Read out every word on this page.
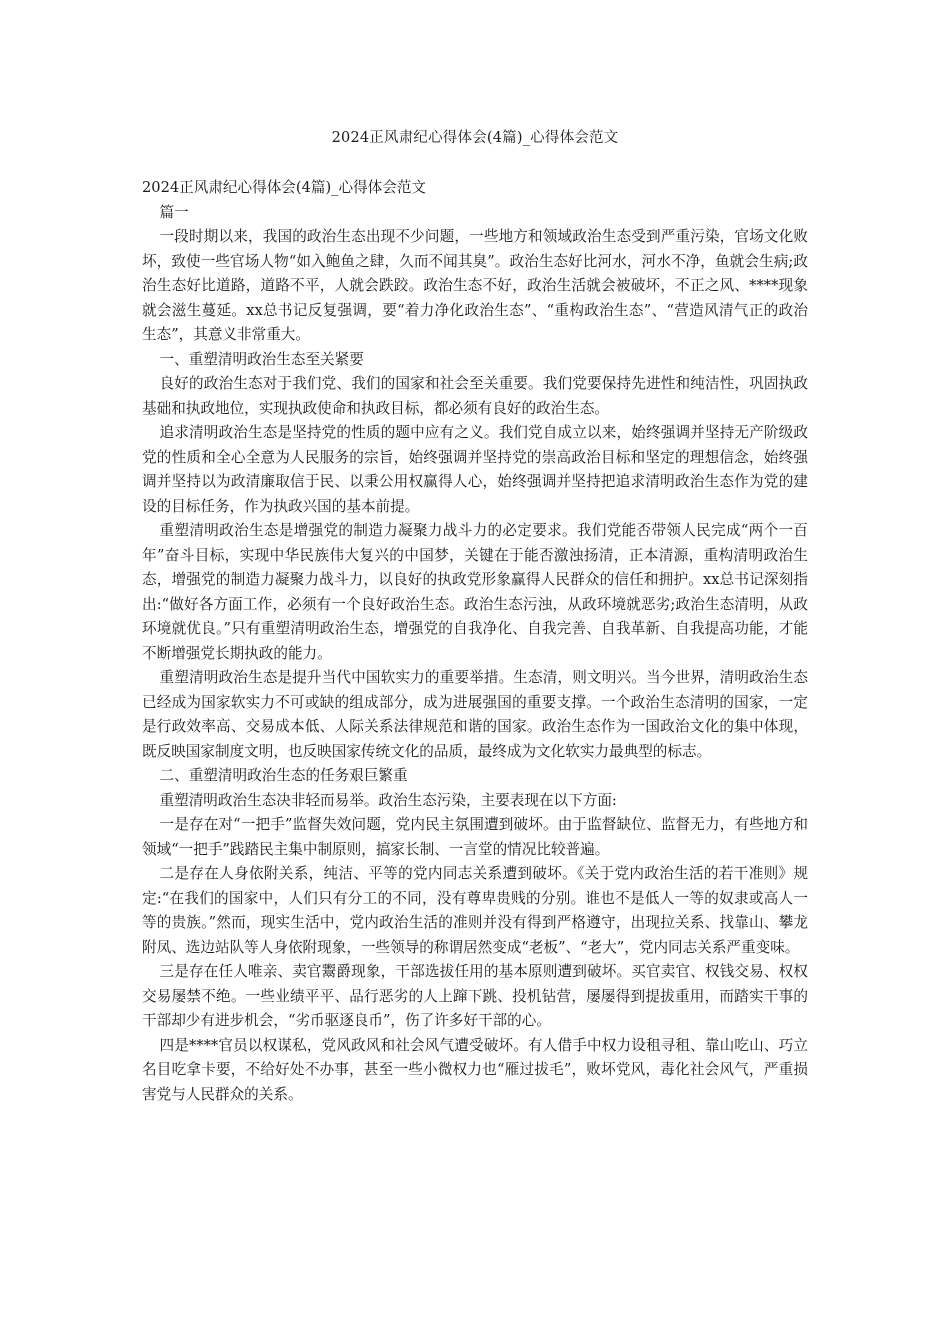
2024正风肃纪心得体会(4篇)_心得体会范文

2024正风肃纪心得体会(4篇)_心得体会范文

篇一

一段时期以来，我国的政治生态出现不少问题，一些地方和领域政治生态受到严重污染，官场文化败坏，致使一些官场人物“如入鲍鱼之肆，久而不闻其臭”。政治生态好比河水，河水不净，鱼就会生病;政治生态好比道路，道路不平，人就会跌跤。政治生态不好，政治生活就会被破坏，不正之风、****现象就会滋生蔓延。xx总书记反复强调，要“着力净化政治生态”、“重构政治生态”、“营造风清气正的政治生态”，其意义非常重大。

一、重塑清明政治生态至关紧要

良好的政治生态对于我们党、我们的国家和社会至关重要。我们党要保持先进性和纯洁性，巩固执政基础和执政地位，实现执政使命和执政目标，都必须有良好的政治生态。

追求清明政治生态是坚持党的性质的题中应有之义。我们党自成立以来，始终强调并坚持无产阶级政党的性质和全心全意为人民服务的宗旨，始终强调并坚持党的崇高政治目标和坚定的理想信念，始终强调并坚持以为政清廉取信于民、以秉公用权赢得人心，始终强调并坚持把追求清明政治生态作为党的建设的目标任务，作为执政兴国的基本前提。

重塑清明政治生态是增强党的制造力凝聚力战斗力的必定要求。我们党能否带领人民完成“两个一百年”奋斗目标，实现中华民族伟大复兴的中国梦，关键在于能否激浊扬清，正本清源，重构清明政治生态，增强党的制造力凝聚力战斗力，以良好的执政党形象赢得人民群众的信任和拥护。xx总书记深刻指出:“做好各方面工作，必须有一个良好政治生态。政治生态污浊，从政环境就恶劣;政治生态清明，从政环境就优良。”只有重塑清明政治生态，增强党的自我净化、自我完善、自我革新、自我提高功能，才能不断增强党长期执政的能力。

重塑清明政治生态是提升当代中国软实力的重要举措。生态清，则文明兴。当今世界，清明政治生态已经成为国家软实力不可或缺的组成部分，成为进展强国的重要支撑。一个政治生态清明的国家，一定是行政效率高、交易成本低、人际关系法律规范和谐的国家。政治生态作为一国政治文化的集中体现，既反映国家制度文明，也反映国家传统文化的品质，最终成为文化软实力最典型的标志。

二、重塑清明政治生态的任务艰巨繁重

重塑清明政治生态决非轻而易举。政治生态污染，主要表现在以下方面:

一是存在对“一把手”监督失效问题，党内民主氛围遭到破坏。由于监督缺位、监督无力，有些地方和领域“一把手”践踏民主集中制原则，搞家长制、一言堂的情况比较普遍。

二是存在人身依附关系，纯洁、平等的党内同志关系遭到破坏。《关于党内政治生活的若干准则》规定:“在我们的国家中，人们只有分工的不同，没有尊卑贵贱的分别。谁也不是低人一等的奴隶或高人一等的贵族。”然而，现实生活中，党内政治生活的准则并没有得到严格遵守，出现拉关系、找靠山、攀龙附凤、选边站队等人身依附现象，一些领导的称谓居然变成“老板”、“老大”，党内同志关系严重变味。

三是存在任人唯亲、卖官鬻爵现象，干部选拔任用的基本原则遭到破坏。买官卖官、权钱交易、权权交易屡禁不绝。一些业绩平平、品行恶劣的人上蹿下跳、投机钻营，屡屡得到提拔重用，而踏实干事的干部却少有进步机会，“劣币驱逐良币”，伤了许多好干部的心。

四是****官员以权谋私，党风政风和社会风气遭受破坏。有人借手中权力设租寻租、靠山吃山、巧立名目吃拿卡要，不给好处不办事，甚至一些小微权力也“雁过拔毛”，败坏党风，毒化社会风气，严重损害党与人民群众的关系。
